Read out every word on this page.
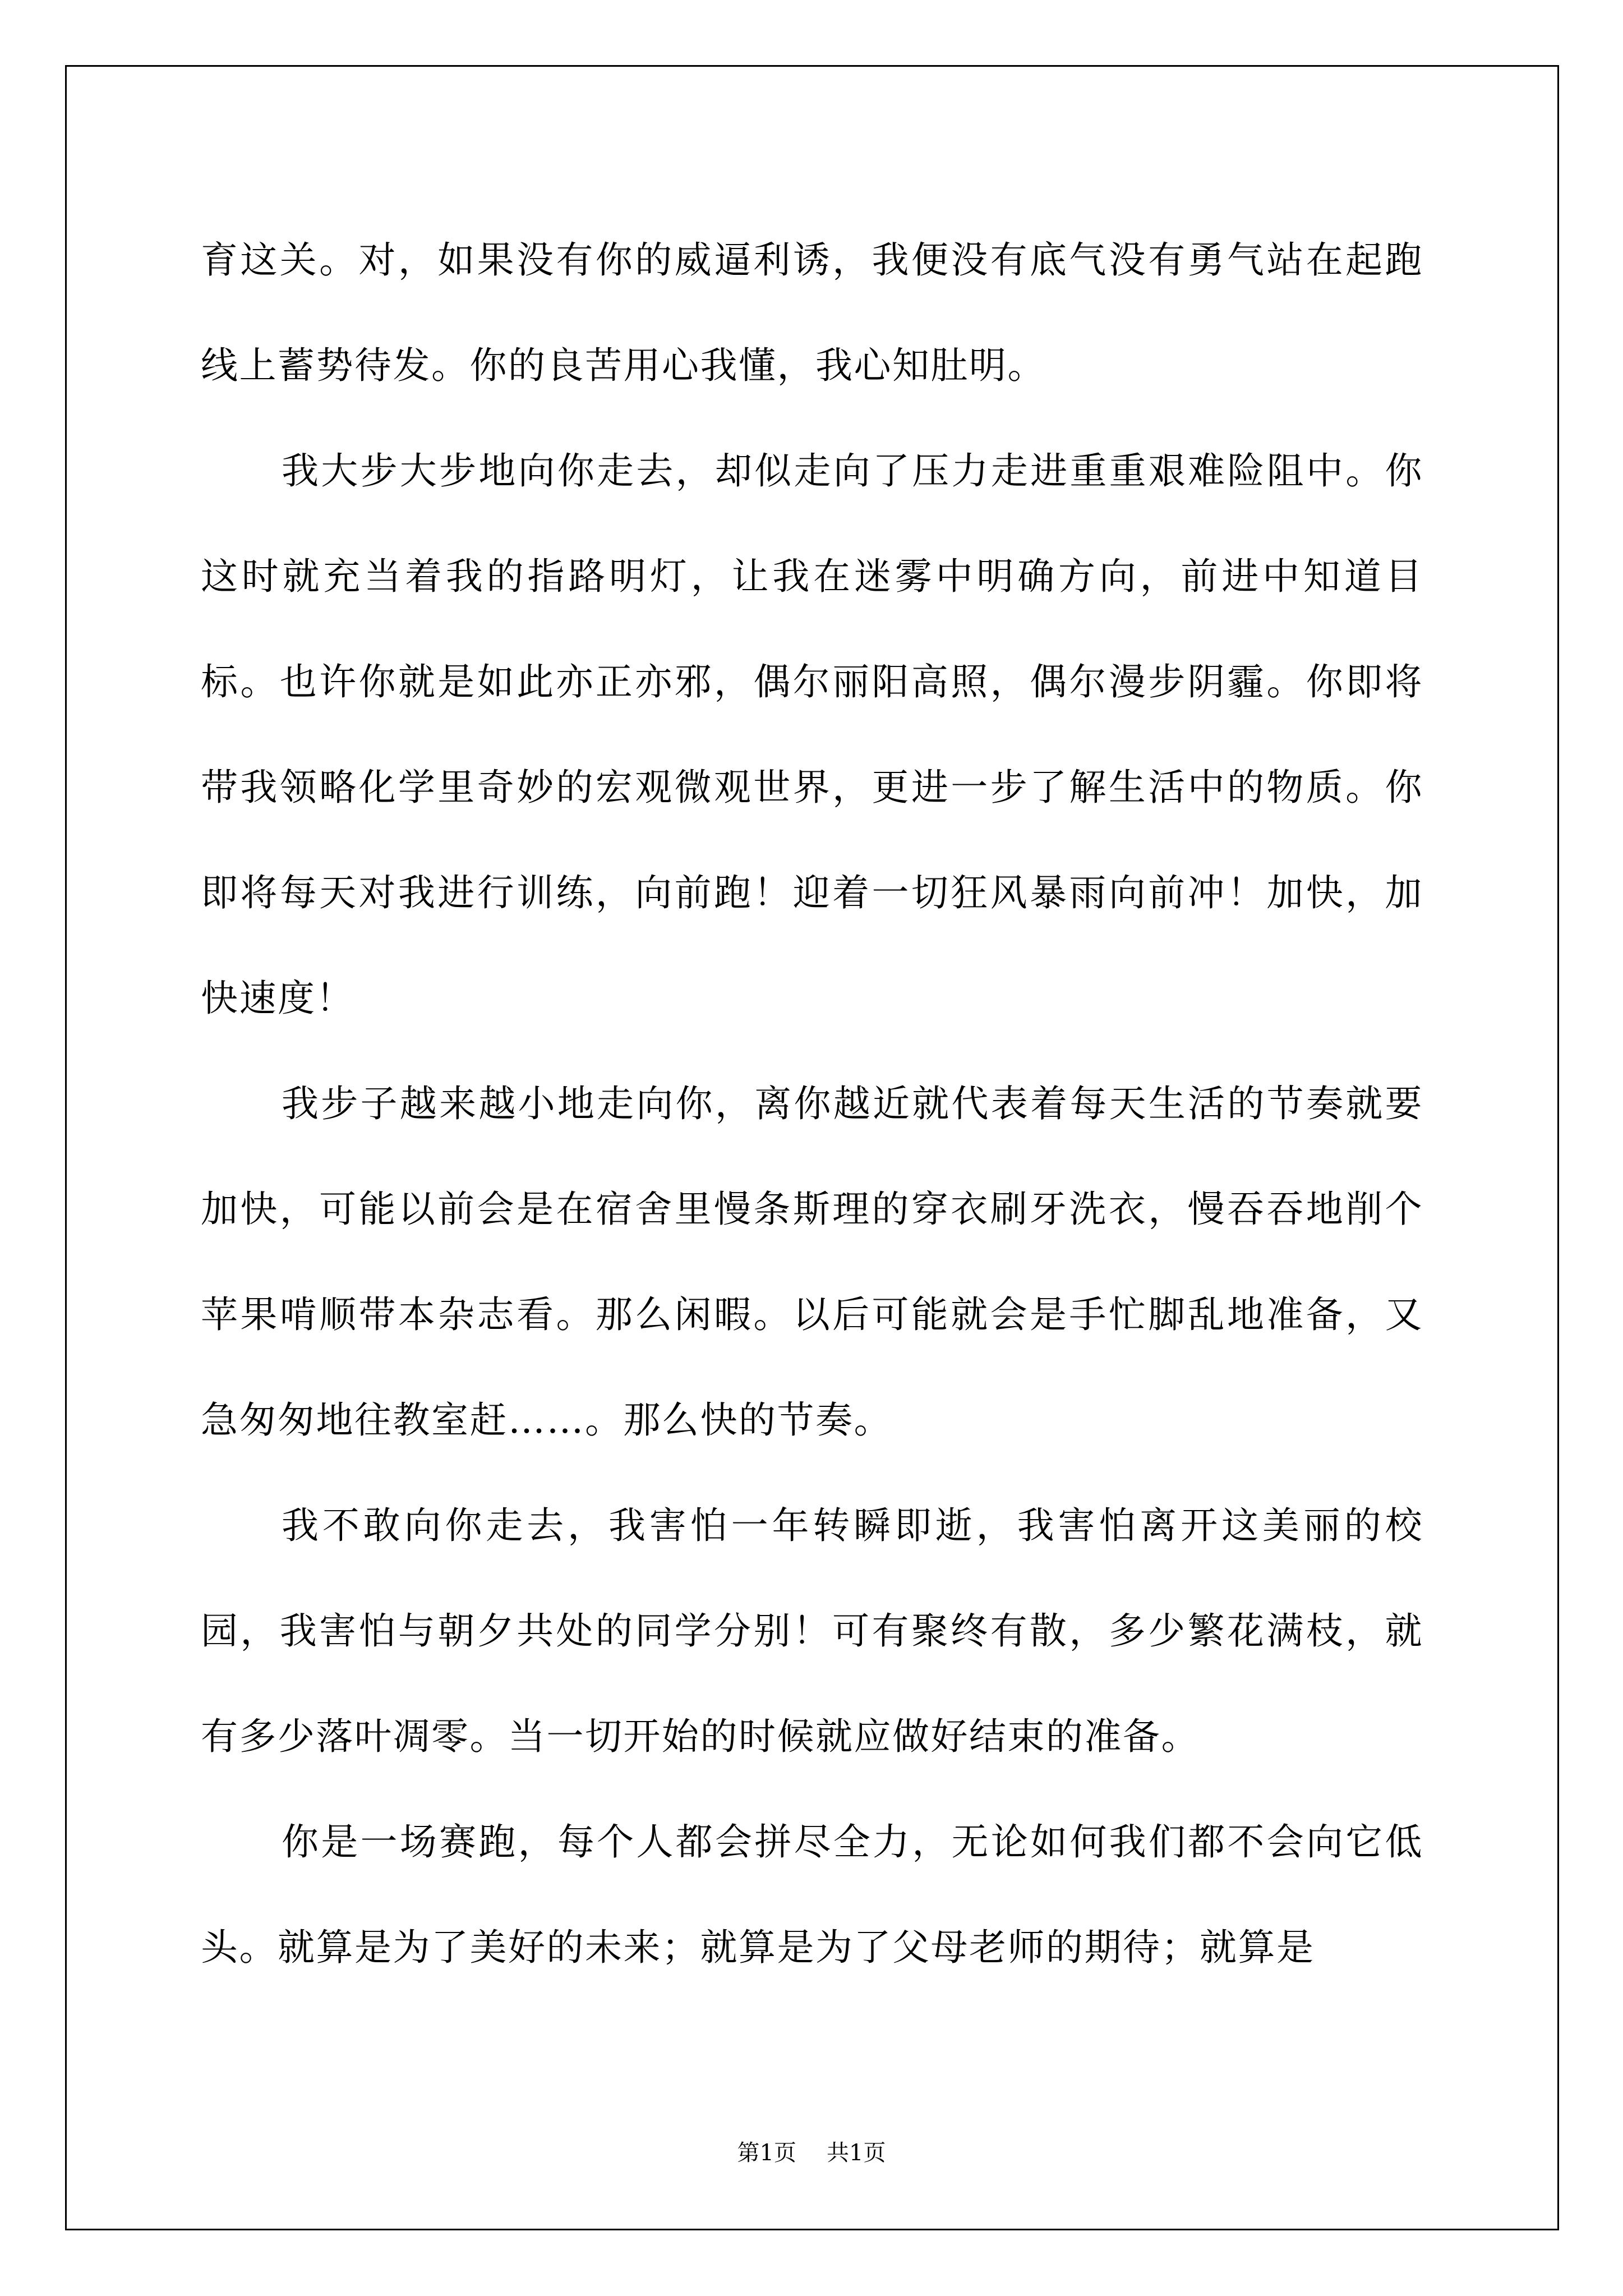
育这关。对，如果没有你的威逼利诱，我便没有底气没有勇气站在起跑线上蓄势待发。你的良苦用心我懂，我心知肚明。

我大步大步地向你走去，却似走向了压力走进重重艰难险阻中。你这时就充当着我的指路明灯，让我在迷雾中明确方向，前进中知道目标。也许你就是如此亦正亦邪，偶尔丽阳高照，偶尔漫步阴霾。你即将带我领略化学里奇妙的宏观微观世界，更进一步了解生活中的物质。你即将每天对我进行训练，向前跑！迎着一切狂风暴雨向前冲！加快，加快速度！

我步子越来越小地走向你，离你越近就代表着每天生活的节奏就要加快，可能以前会是在宿舍里慢条斯理的穿衣刷牙洗衣，慢吞吞地削个苹果啃顺带本杂志看。那么闲暇。以后可能就会是手忙脚乱地准备，又急匆匆地往教室赶……。那么快的节奏。

我不敢向你走去，我害怕一年转瞬即逝，我害怕离开这美丽的校园，我害怕与朝夕共处的同学分别！可有聚终有散，多少繁花满枝，就有多少落叶凋零。当一切开始的时候就应做好结束的准备。

你是一场赛跑，每个人都会拼尽全力，无论如何我们都不会向它低头。就算是为了美好的未来；就算是为了父母老师的期待；就算是

第1页 共1页
